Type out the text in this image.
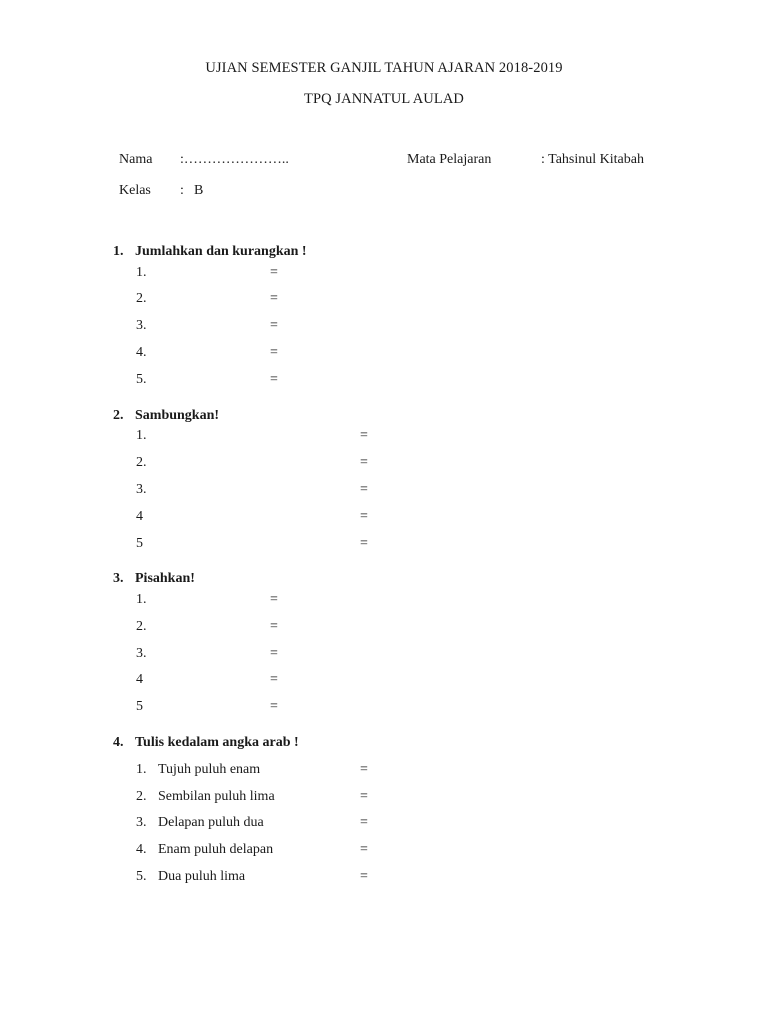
UJIAN SEMESTER GANJIL TAHUN AJARAN 2018-2019
TPQ JANNATUL AULAD
Nama :…………………..	Mata Pelajaran	: Tahsinul Kitabah
Kelas : B
1. Jumlahkan dan kurangkan !
1.	=
2.	=
3.	=
4.	=
5.	=
2. Sambungkan!
1.	=
2.	=
3.	=
4	=
5	=
3. Pisahkan!
1.	=
2.	=
3.	=
4	=
5	=
4. Tulis kedalam angka arab !
1. Tujuh puluh enam	=
2. Sembilan puluh lima	=
3. Delapan puluh dua	=
4. Enam puluh delapan	=
5. Dua puluh lima	=
